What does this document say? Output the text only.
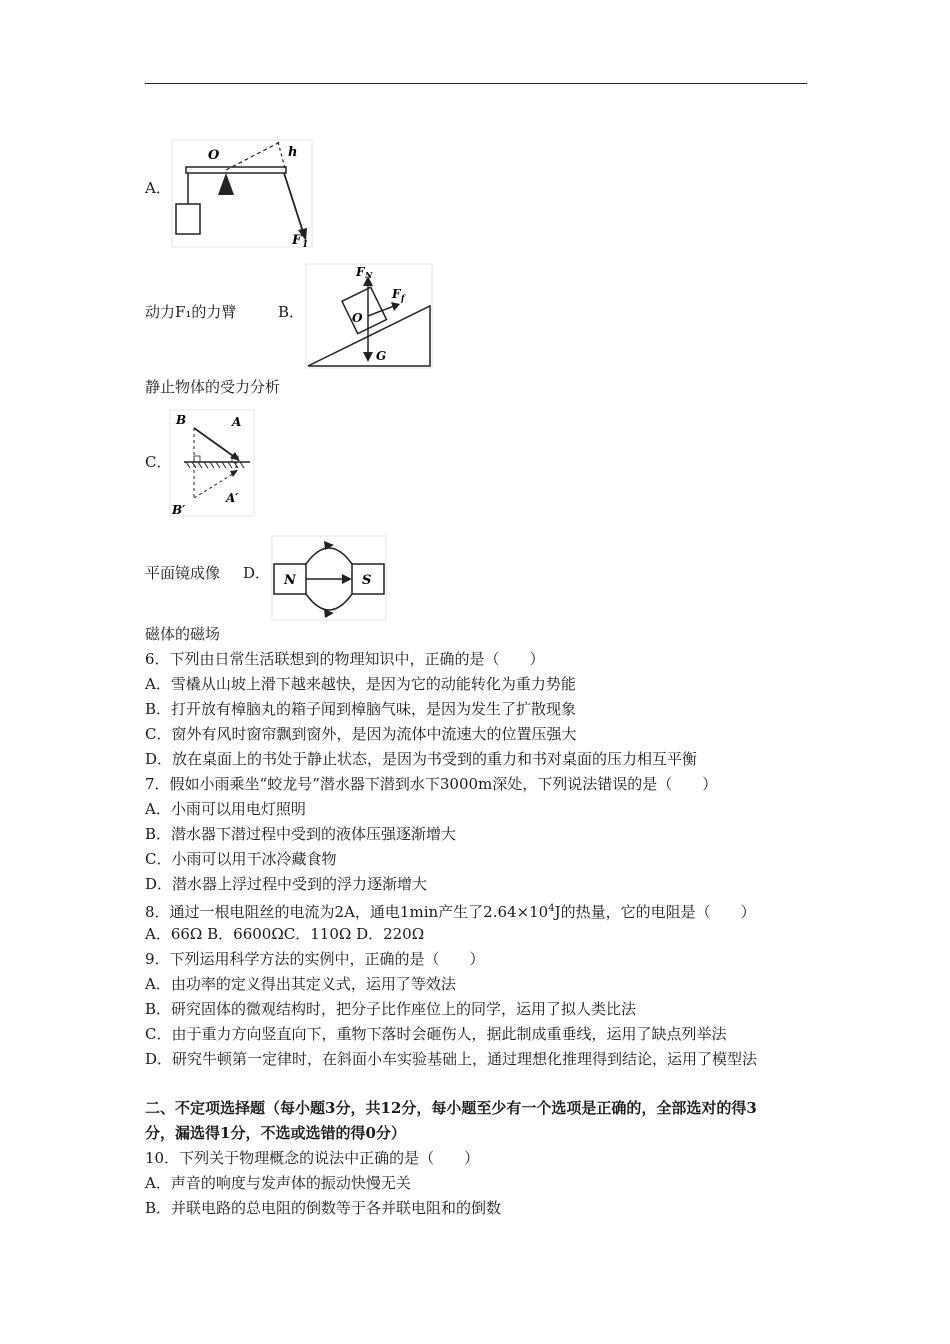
A．
O	h
F 1
动力F₁的力臂	B．
F N
F f
O
G
静止物体的受力分析
C．
B	A
B′
A′
平面镜成像 D． N	S
磁体的磁场
6．下列由日常生活联想到的物理知识中，正确的是（　　）
A．雪橇从山坡上滑下越来越快，是因为它的动能转化为重力势能
B．打开放有樟脑丸的箱子闻到樟脑气味，是因为发生了扩散现象
C．窗外有风时窗帘飘到窗外，是因为流体中流速大的位置压强大
D．放在桌面上的书处于静止状态，是因为书受到的重力和书对桌面的压力相互平衡
7．假如小雨乘坐“蛟龙号”潜水器下潜到水下3000m深处，下列说法错误的是（　　）
A．小雨可以用电灯照明
B．潜水器下潜过程中受到的液体压强逐渐增大
C．小雨可以用干冰冷藏食物
D．潜水器上浮过程中受到的浮力逐渐增大
8．通过一根电阻丝的电流为2A，通电1min产生了$2.64\times 10^4J$的热量，它的电阻是（　　）
A．66Ω B．6600ΩC．110Ω D．220Ω
9．下列运用科学方法的实例中，正确的是（　　）
A．由功率的定义得出其定义式，运用了等效法
B．研究固体的微观结构时，把分子比作座位上的同学，运用了拟人类比法
C．由于重力方向竖直向下，重物下落时会砸伤人，据此制成重垂线，运用了缺点列举法
D．研究牛顿第一定律时，在斜面小车实验基础上，通过理想化推理得到结论，运用了模型法
二、不定项选择题（每小题3分，共12分，每小题至少有一个选项是正确的，全部选对的得3
分，漏选得1分，不选或选错的得0分）
10．下列关于物理概念的说法中正确的是（　　）
A．声音的响度与发声体的振动快慢无关
B．并联电路的总电阻的倒数等于各并联电阻和的倒数
